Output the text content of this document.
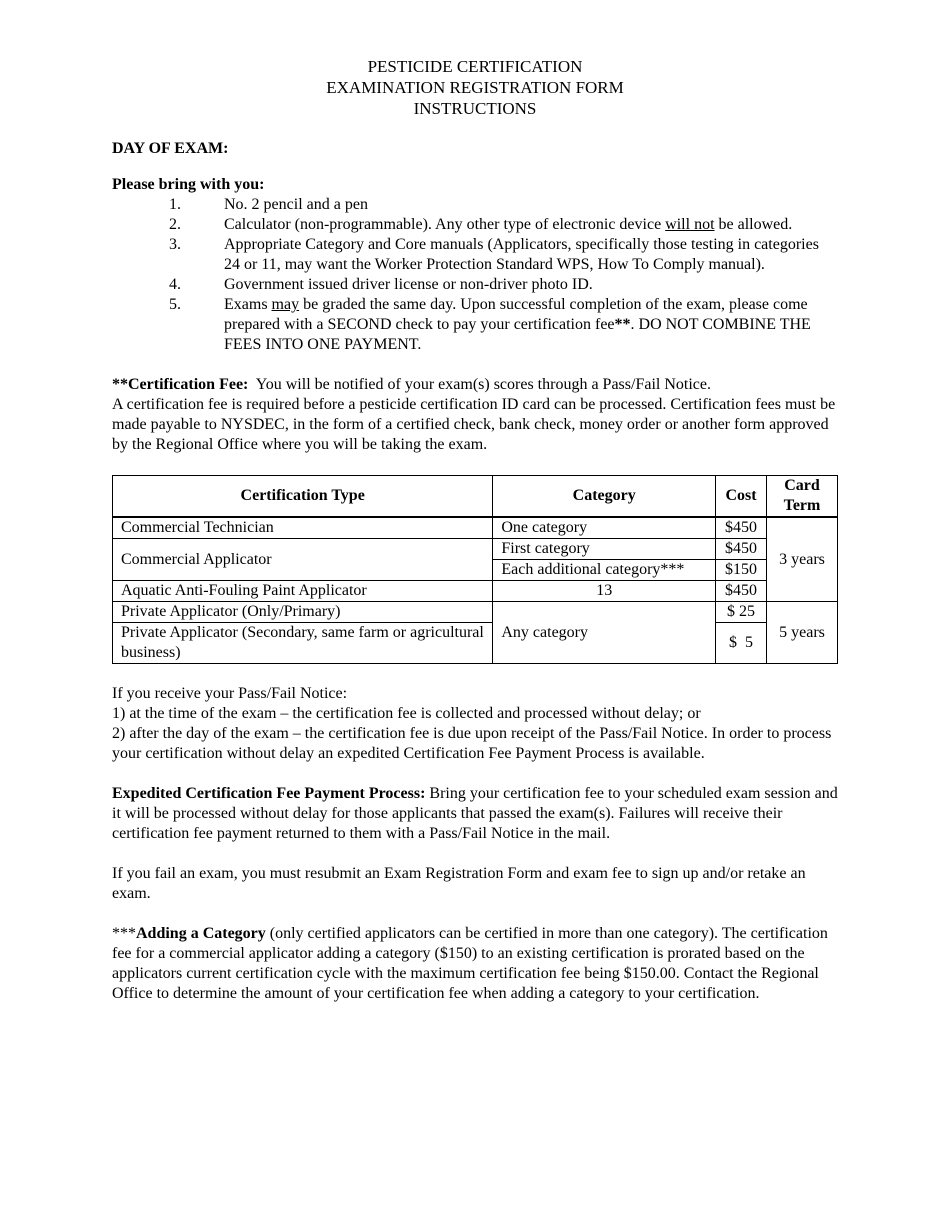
PESTICIDE CERTIFICATION
EXAMINATION REGISTRATION FORM
INSTRUCTIONS
DAY OF EXAM:
Please bring with you:
1.	No. 2 pencil and a pen
2.	Calculator (non-programmable). Any other type of electronic device will not be allowed.
3.	Appropriate Category and Core manuals (Applicators, specifically those testing in categories 24 or 11, may want the Worker Protection Standard WPS, How To Comply manual).
4.	Government issued driver license or non-driver photo ID.
5.	Exams may be graded the same day. Upon successful completion of the exam, please come prepared with a SECOND check to pay your certification fee**. DO NOT COMBINE THE FEES INTO ONE PAYMENT.
**Certification Fee:  You will be notified of your exam(s) scores through a Pass/Fail Notice.
A certification fee is required before a pesticide certification ID card can be processed. Certification fees must be made payable to NYSDEC, in the form of a certified check, bank check, money order or another form approved by the Regional Office where you will be taking the exam.
Certification Type	Category	Cost	Card Term
Commercial Technician	One category	$450	3 years
Commercial Applicator	First category	$450	
	Each additional category***	$150	
Aquatic Anti-Fouling Paint Applicator	13	$450	
Private Applicator (Only/Primary)	Any category	$ 25	5 years
Private Applicator (Secondary, same farm or agricultural business)		$  5	
If you receive your Pass/Fail Notice:
1) at the time of the exam – the certification fee is collected and processed without delay; or
2) after the day of the exam – the certification fee is due upon receipt of the Pass/Fail Notice. In order to process your certification without delay an expedited Certification Fee Payment Process is available.
Expedited Certification Fee Payment Process: Bring your certification fee to your scheduled exam session and it will be processed without delay for those applicants that passed the exam(s). Failures will receive their certification fee payment returned to them with a Pass/Fail Notice in the mail.
If you fail an exam, you must resubmit an Exam Registration Form and exam fee to sign up and/or retake an exam.
***Adding a Category (only certified applicators can be certified in more than one category). The certification fee for a commercial applicator adding a category ($150) to an existing certification is prorated based on the applicators current certification cycle with the maximum certification fee being $150.00. Contact the Regional Office to determine the amount of your certification fee when adding a category to your certification.
